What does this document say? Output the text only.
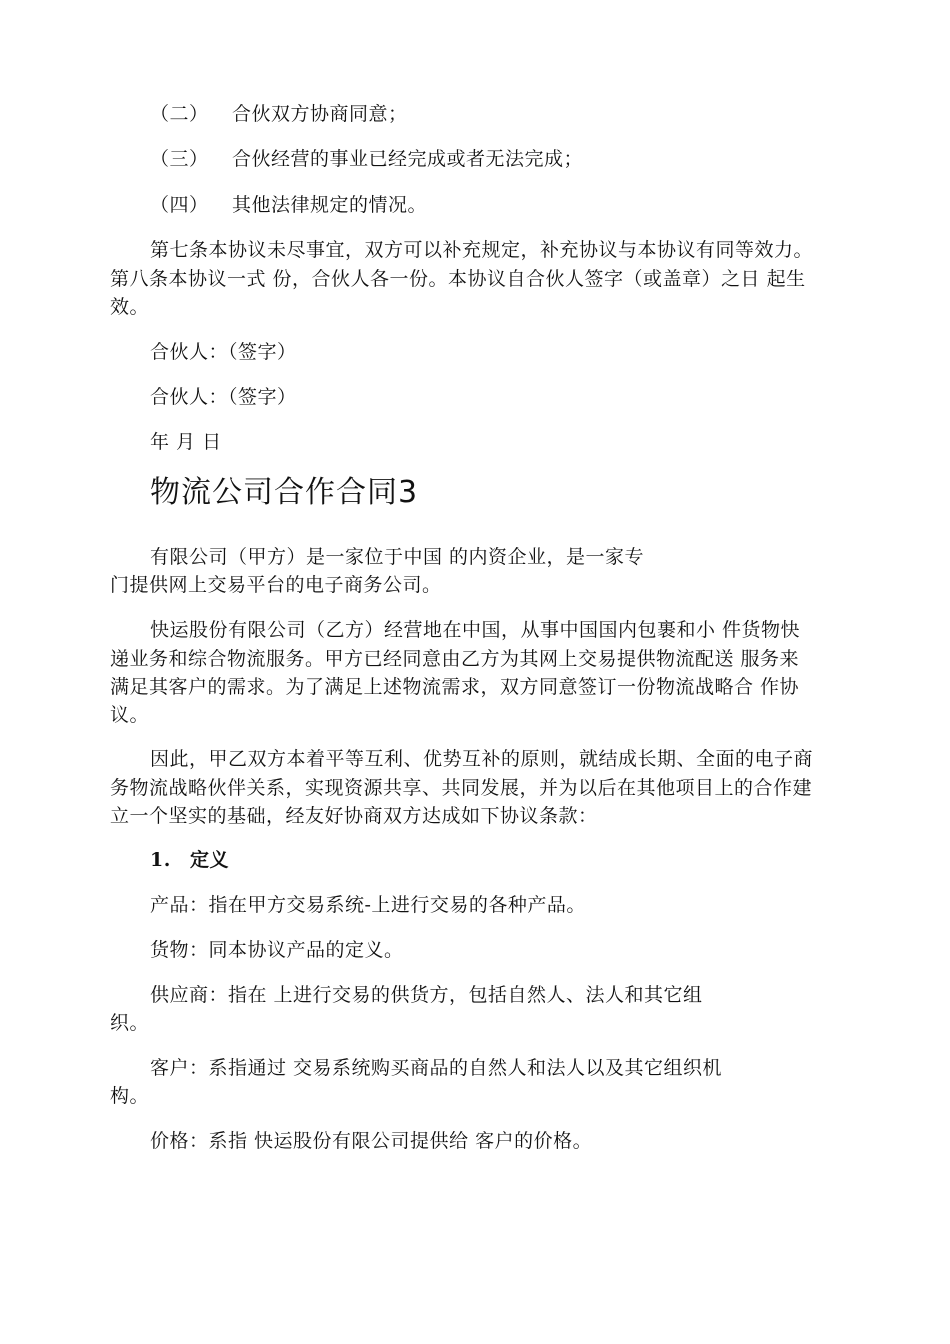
（二） 合伙双方协商同意；
（三） 合伙经营的事业已经完成或者无法完成；
（四） 其他法律规定的情况。
第七条本协议未尽事宜，双方可以补充规定，补充协议与本协议有同等效力。
第八条本协议一式 份，合伙人各一份。本协议自合伙人签字（或盖章）之日 起生
效。
合伙人：（签字）
合伙人：（签字）
年 月 日
物流公司合作合同3
有限公司（甲方）是一家位于中国 的内资企业，是一家专
门提供网上交易平台的电子商务公司。
快运股份有限公司（乙方）经营地在中国，从事中国国内包裹和小 件货物快
递业务和综合物流服务。甲方已经同意由乙方为其网上交易提供物流配送 服务来
满足其客户的需求。为了满足上述物流需求，双方同意签订一份物流战略合 作协
议。
因此，甲乙双方本着平等互利、优势互补的原则，就结成长期、全面的电子商
务物流战略伙伴关系，实现资源共享、共同发展，并为以后在其他项目上的合作建
立一个坚实的基础，经友好协商双方达成如下协议条款：
1. 定义
产品：指在甲方交易系统-上进行交易的各种产品。
货物：同本协议产品的定义。
供应商：指在 上进行交易的供货方，包括自然人、法人和其它组
织。
客户：系指通过 交易系统购买商品的自然人和法人以及其它组织机
构。
价格：系指 快运股份有限公司提供给 客户的价格。
